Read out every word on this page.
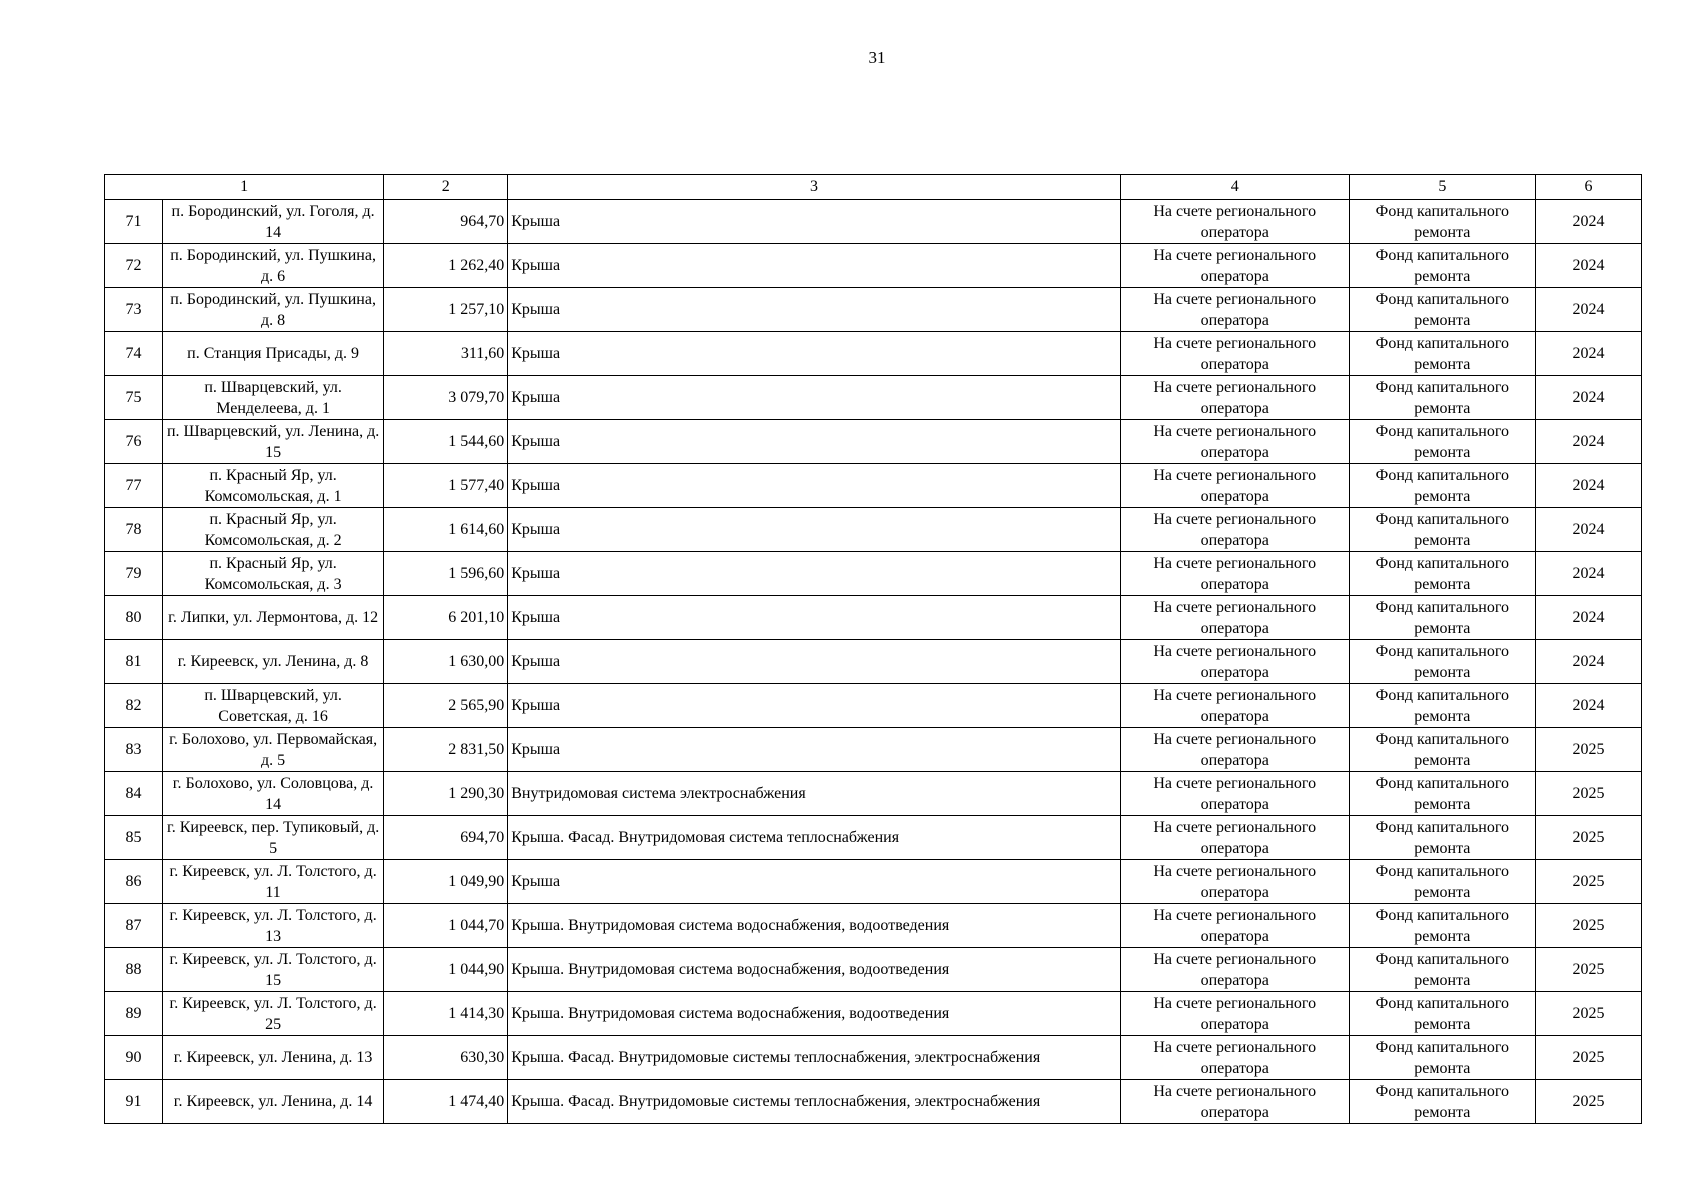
31
1		2	3	4	5	6
71	п. Бородинский, ул. Гоголя, д. 14	964,70	Крыша	На счете регионального оператора	Фонд капитального ремонта	2024
72	п. Бородинский, ул. Пушкина, д. 6	1 262,40	Крыша	На счете регионального оператора	Фонд капитального ремонта	2024
73	п. Бородинский, ул. Пушкина, д. 8	1 257,10	Крыша	На счете регионального оператора	Фонд капитального ремонта	2024
74	п. Станция Присады, д. 9	311,60	Крыша	На счете регионального оператора	Фонд капитального ремонта	2024
75	п. Шварцевский, ул. Менделеева, д. 1	3 079,70	Крыша	На счете регионального оператора	Фонд капитального ремонта	2024
76	п. Шварцевский, ул. Ленина, д. 15	1 544,60	Крыша	На счете регионального оператора	Фонд капитального ремонта	2024
77	п. Красный Яр, ул. Комсомольская, д. 1	1 577,40	Крыша	На счете регионального оператора	Фонд капитального ремонта	2024
78	п. Красный Яр, ул. Комсомольская, д. 2	1 614,60	Крыша	На счете регионального оператора	Фонд капитального ремонта	2024
79	п. Красный Яр, ул. Комсомольская, д. 3	1 596,60	Крыша	На счете регионального оператора	Фонд капитального ремонта	2024
80	г. Липки, ул. Лермонтова, д. 12	6 201,10	Крыша	На счете регионального оператора	Фонд капитального ремонта	2024
81	г. Киреевск, ул. Ленина, д. 8	1 630,00	Крыша	На счете регионального оператора	Фонд капитального ремонта	2024
82	п. Шварцевский, ул. Советская, д. 16	2 565,90	Крыша	На счете регионального оператора	Фонд капитального ремонта	2024
83	г. Болохово, ул. Первомайская, д. 5	2 831,50	Крыша	На счете регионального оператора	Фонд капитального ремонта	2025
84	г. Болохово, ул. Соловцова, д. 14	1 290,30	Внутридомовая система электроснабжения	На счете регионального оператора	Фонд капитального ремонта	2025
85	г. Киреевск, пер. Тупиковый, д. 5	694,70	Крыша. Фасад. Внутридомовая система теплоснабжения	На счете регионального оператора	Фонд капитального ремонта	2025
86	г. Киреевск, ул. Л. Толстого, д. 11	1 049,90	Крыша	На счете регионального оператора	Фонд капитального ремонта	2025
87	г. Киреевск, ул. Л. Толстого, д. 13	1 044,70	Крыша. Внутридомовая система водоснабжения, водоотведения	На счете регионального оператора	Фонд капитального ремонта	2025
88	г. Киреевск, ул. Л. Толстого, д. 15	1 044,90	Крыша. Внутридомовая система водоснабжения, водоотведения	На счете регионального оператора	Фонд капитального ремонта	2025
89	г. Киреевск, ул. Л. Толстого, д. 25	1 414,30	Крыша. Внутридомовая система водоснабжения, водоотведения	На счете регионального оператора	Фонд капитального ремонта	2025
90	г. Киреевск, ул. Ленина, д. 13	630,30	Крыша. Фасад. Внутридомовые системы теплоснабжения, электроснабжения	На счете регионального оператора	Фонд капитального ремонта	2025
91	г. Киреевск, ул. Ленина, д. 14	1 474,40	Крыша. Фасад. Внутридомовые системы теплоснабжения, электроснабжения	На счете регионального оператора	Фонд капитального ремонта	2025
